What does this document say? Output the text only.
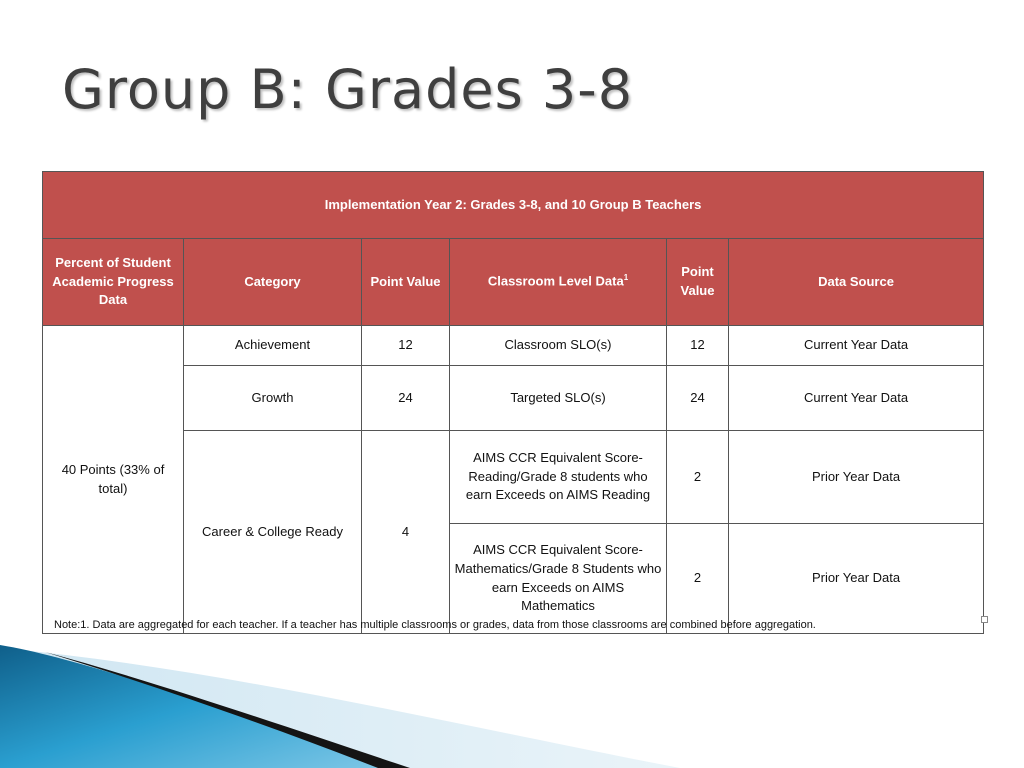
Group B: Grades 3-8
Implementation Year 2: Grades 3-8, and 10 Group B Teachers					
Percent of Student Academic Progress Data	Category	Point Value	Classroom Level Data$^1$	Point Value	Data Source
40 Points (33% of total)	Achievement	12	Classroom SLO(s)	12	Current Year Data
	Growth	24	Targeted SLO(s)	24	Current Year Data
	Career & College Ready	4	AIMS CCR Equivalent Score-Reading/Grade 8 students who earn Exceeds on AIMS Reading	2	Prior Year Data
			AIMS CCR Equivalent Score-Mathematics/Grade 8 Students who earn Exceeds on AIMS Mathematics	2	Prior Year Data
Note:1. Data are aggregated for each teacher. If a teacher has multiple classrooms or grades, data from those classrooms are combined before aggregation.
